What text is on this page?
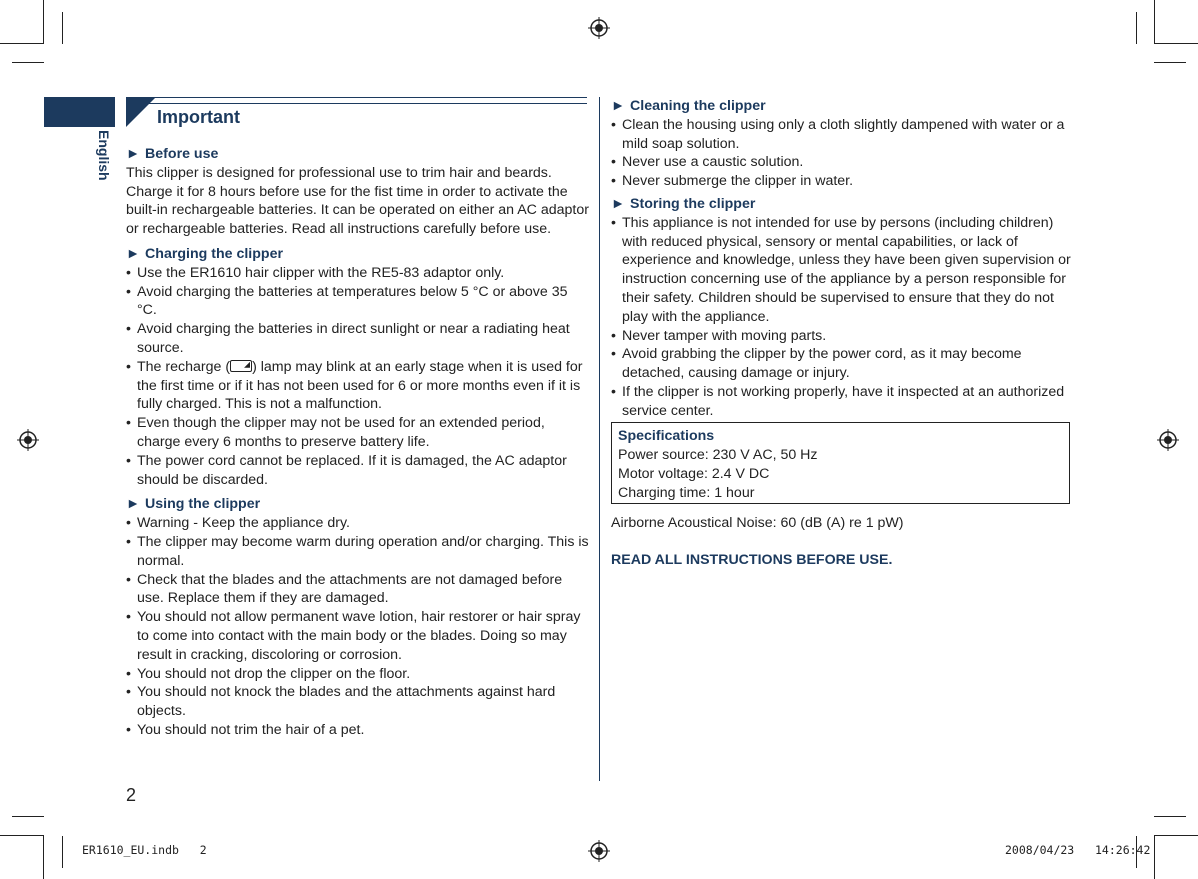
English
Important
► Before use

This clipper is designed for professional use to trim hair and beards. Charge it for 8 hours before use for the fist time in order to activate the built-in rechargeable batteries. It can be operated on either an AC adaptor or rechargeable batteries. Read all instructions carefully before use.

► Charging the clipper
• Use the ER1610 hair clipper with the RE5-83 adaptor only.
• Avoid charging the batteries at temperatures below 5 °C or above 35 °C.
• Avoid charging the batteries in direct sunlight or near a radiating heat source.
• The recharge ( ) lamp may blink at an early stage when it is used for the first time or if it has not been used for 6 or more months even if it is fully charged. This is not a malfunction.
• Even though the clipper may not be used for an extended period, charge every 6 months to preserve battery life.
• The power cord cannot be replaced. If it is damaged, the AC adaptor should be discarded.
► Using the clipper
• Warning - Keep the appliance dry.
• The clipper may become warm during operation and/or charging. This is normal.
• Check that the blades and the attachments are not damaged before use. Replace them if they are damaged.
• You should not allow permanent wave lotion, hair restorer or hair spray to come into contact with the main body or the blades. Doing so may result in cracking, discoloring or corrosion.
• You should not drop the clipper on the floor.
• You should not knock the blades and the attachments against hard objects.
• You should not trim the hair of a pet.
► Cleaning the clipper
• Clean the housing using only a cloth slightly dampened with water or a mild soap solution.
• Never use a caustic solution.
• Never submerge the clipper in water.
► Storing the clipper
• This appliance is not intended for use by persons (including children) with reduced physical, sensory or mental capabilities, or lack of experience and knowledge, unless they have been given supervision or instruction concerning use of the appliance by a person responsible for their safety. Children should be supervised to ensure that they do not play with the appliance.
• Never tamper with moving parts.
• Avoid grabbing the clipper by the power cord, as it may become detached, causing damage or injury.
• If the clipper is not working properly, have it inspected at an authorized service center.
Specifications
Power source: 230 V AC, 50 Hz
Motor voltage: 2.4 V DC
Charging time: 1 hour
Airborne Acoustical Noise: 60 (dB (A) re 1 pW)
READ ALL INSTRUCTIONS BEFORE USE.
2
ER1610_EU.indb   2	2008/04/23   14:26:42
